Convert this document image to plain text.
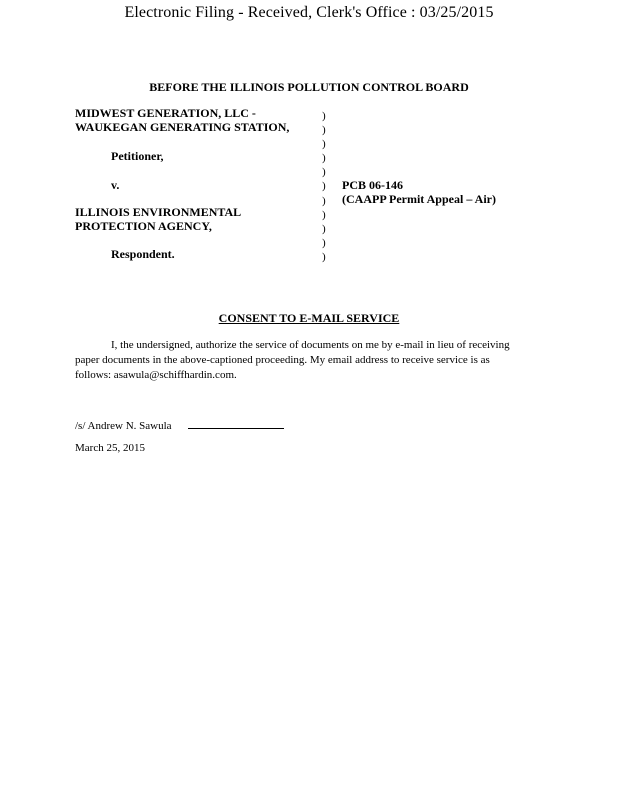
Electronic Filing - Received, Clerk's Office : 03/25/2015
BEFORE THE ILLINOIS POLLUTION CONTROL BOARD
MIDWEST GENERATION, LLC -
WAUKEGAN GENERATING STATION,
Petitioner,
v.
ILLINOIS ENVIRONMENTAL
PROTECTION AGENCY,
Respondent.
)
)
)
)
)
)
)
)
)
)
)
PCB 06-146
(CAAPP Permit Appeal – Air)
CONSENT TO E-MAIL SERVICE
I, the undersigned, authorize the service of documents on me by e-mail in lieu of receiving paper documents in the above-captioned proceeding. My email address to receive service is as follows: asawula@schiffhardin.com.
/s/ Andrew N. Sawula
March 25, 2015
